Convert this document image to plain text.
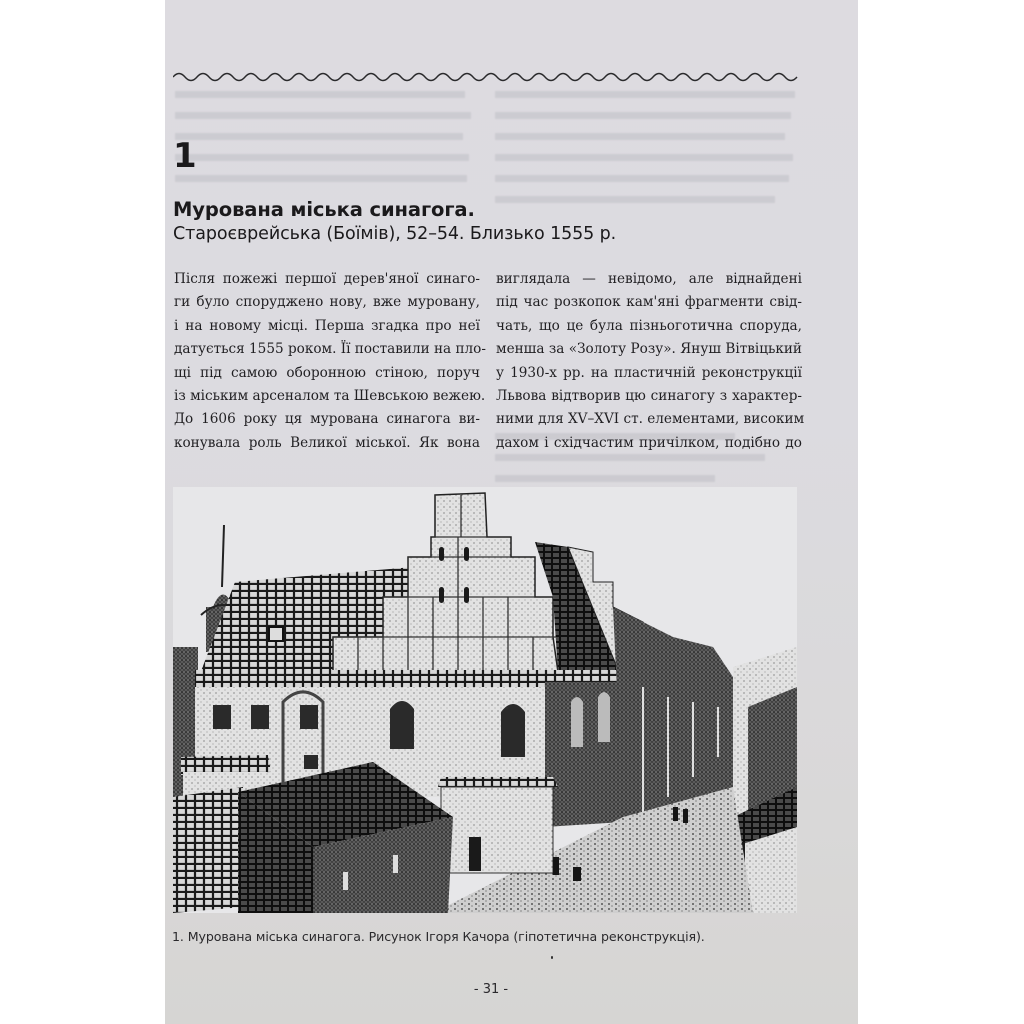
1
Мурована міська синагога.
Староєврейська (Боїмів), 52–54. Близько 1555 р.
Після пожежі першої дерев'яної синаго-
ги було споруджено нову, вже муровану,
і на новому місці. Перша згадка про неї
датується 1555 роком. Її поставили на пло-
щі під самою оборонною стіною, поруч
із міським арсеналом та Шевською вежею.
До 1606 року ця мурована синагога ви-
конувала роль Великої міської. Як вона
виглядала — невідомо, але віднайдені
під час розкопок кам'яні фрагменти свід-
чать, що це була пізньоготична споруда,
менша за «Золоту Розу». Януш Вітвіцький
у 1930-х рр. на пластичній реконструкції
Львова відтворив цю синагогу з характер-
ними для XV–XVI ст. елементами, високим
дахом і східчастим причілком, подібно до
1. Мурована міська синагога. Рисунок Ігоря Качора (гіпотетична реконструкція).
- 31 -
